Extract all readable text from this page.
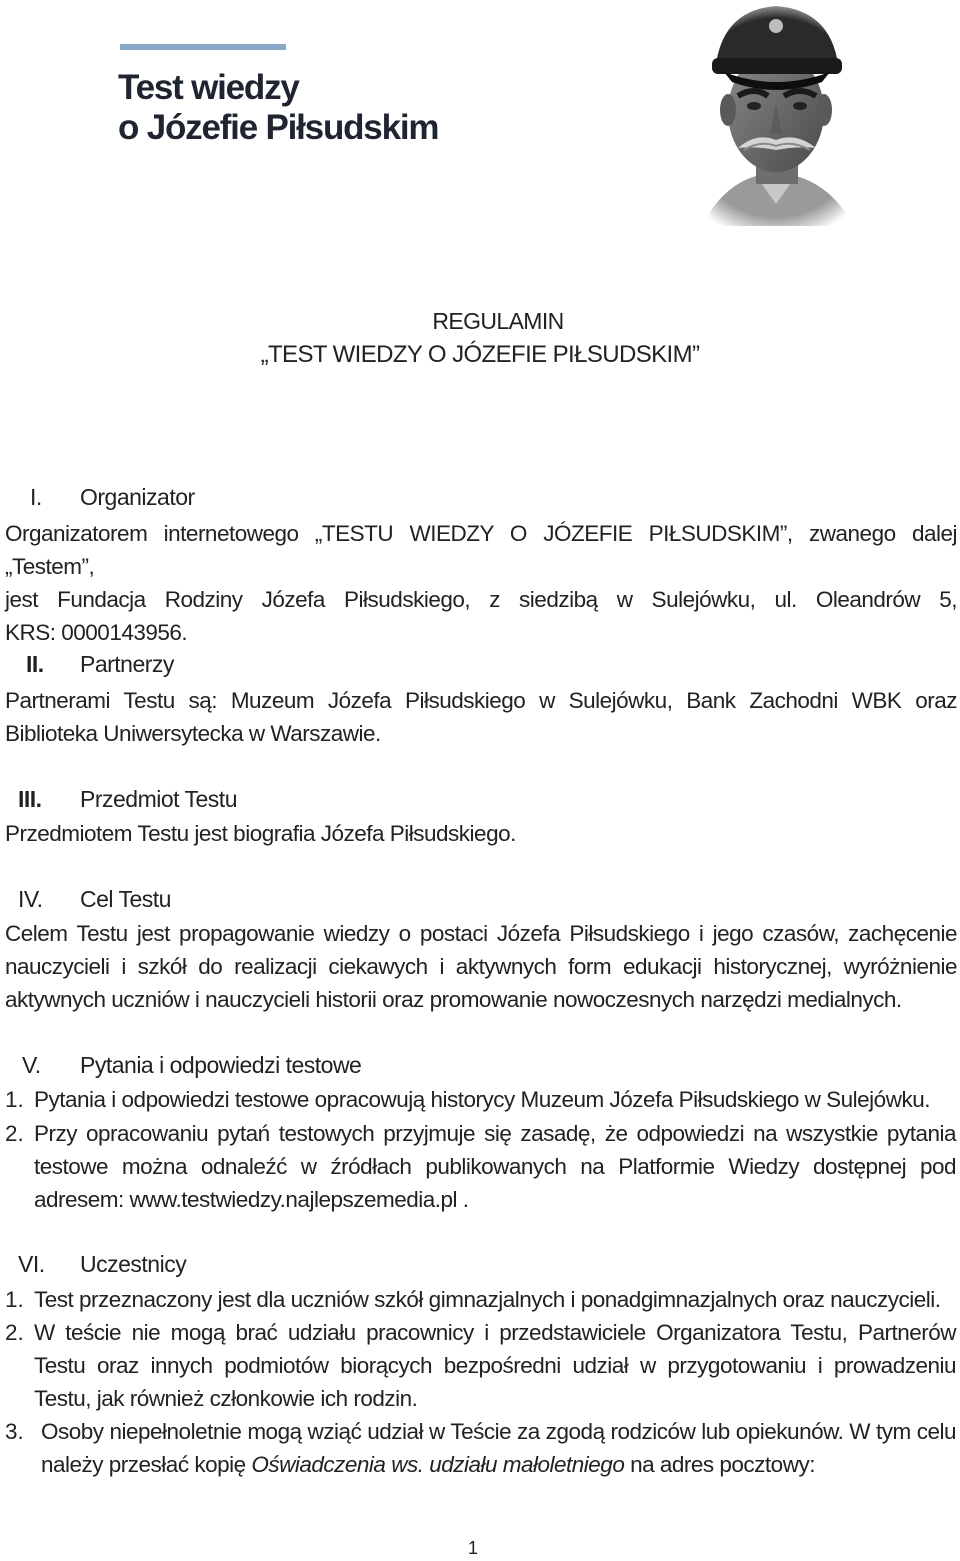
Test wiedzy
o Józefie Piłsudskim
REGULAMIN
„TEST WIEDZY O JÓZEFIE PIŁSUDSKIM”
I. Organizator
Organizatorem internetowego „TESTU WIEDZY O JÓZEFIE PIŁSUDSKIM”, zwanego dalej „Testem”,
jest Fundacja Rodziny Józefa Piłsudskiego, z siedzibą w Sulejówku, ul. Oleandrów 5,
KRS: 0000143956.
II. Partnerzy
Partnerami Testu są: Muzeum Józefa Piłsudskiego w Sulejówku, Bank Zachodni WBK oraz
Biblioteka Uniwersytecka w Warszawie.
III. Przedmiot Testu
Przedmiotem Testu jest biografia Józefa Piłsudskiego.
IV. Cel Testu
Celem Testu jest propagowanie wiedzy o postaci Józefa Piłsudskiego i jego czasów, zachęcenie
nauczycieli i szkół do realizacji ciekawych i aktywnych form edukacji historycznej, wyróżnienie
aktywnych uczniów i nauczycieli historii oraz promowanie nowoczesnych narzędzi medialnych.
V. Pytania i odpowiedzi testowe
1. Pytania i odpowiedzi testowe opracowują historycy Muzeum Józefa Piłsudskiego w Sulejówku.
2. Przy opracowaniu pytań testowych przyjmuje się zasadę, że odpowiedzi na wszystkie pytania
testowe można odnaleźć w źródłach publikowanych na Platformie Wiedzy dostępnej pod
adresem: www.testwiedzy.najlepszemedia.pl .
VI. Uczestnicy
1. Test przeznaczony jest dla uczniów szkół gimnazjalnych i ponadgimnazjalnych oraz nauczycieli.
2. W teście nie mogą brać udziału pracownicy i przedstawiciele Organizatora Testu, Partnerów
Testu oraz innych podmiotów biorących bezpośredni udział w przygotowaniu i prowadzeniu
Testu, jak również członkowie ich rodzin.
3. Osoby niepełnoletnie mogą wziąć udział w Teście za zgodą rodziców lub opiekunów. W tym celu
należy przesłać kopię Oświadczenia ws. udziału małoletniego na adres pocztowy:
1
